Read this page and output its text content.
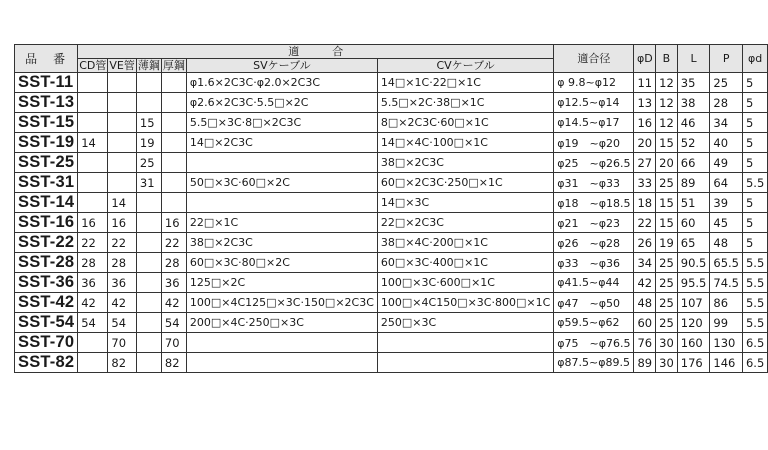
品　番	適　　　合						適合径	φD	B	L	P	φd
	CD管	VE管	薄鋼	厚鋼	SVケーブル	CVケーブル						
SST-11					φ1.6×2C3C·φ2.0×2C3C	14□×1C·22□×1C	φ 9.8~φ12	11	12	35	25	5
SST-13					φ2.6×2C3C·5.5□×2C	5.5□×2C·38□×1C	φ12.5~φ14	13	12	38	28	5
SST-15			15		5.5□×3C·8□×2C3C	8□×2C3C·60□×1C	φ14.5~φ17	16	12	46	34	5
SST-19	14		19		14□×2C3C	14□×4C·100□×1C	φ19　~φ20	20	15	52	40	5
SST-25			25			38□×2C3C	φ25　~φ26.5	27	20	66	49	5
SST-31			31		50□×3C·60□×2C	60□×2C3C·250□×1C	φ31　~φ33	33	25	89	64	5.5
SST-14		14				14□×3C	φ18　~φ18.5	18	15	51	39	5
SST-16	16	16		16	22□×1C	22□×2C3C	φ21　~φ23	22	15	60	45	5
SST-22	22	22		22	38□×2C3C	38□×4C·200□×1C	φ26　~φ28	26	19	65	48	5
SST-28	28	28		28	60□×3C·80□×2C	60□×3C·400□×1C	φ33　~φ36	34	25	90.5	65.5	5.5
SST-36	36	36		36	125□×2C	100□×3C·600□×1C	φ41.5~φ44	42	25	95.5	74.5	5.5
SST-42	42	42		42	100□×4C125□×3C·150□×2C3C	100□×4C150□×3C·800□×1C	φ47　~φ50	48	25	107	86	5.5
SST-54	54	54		54	200□×4C·250□×3C	250□×3C	φ59.5~φ62	60	25	120	99	5.5
SST-70		70		70			φ75　~φ76.5	76	30	160	130	6.5
SST-82		82		82			φ87.5~φ89.5	89	30	176	146	6.5
